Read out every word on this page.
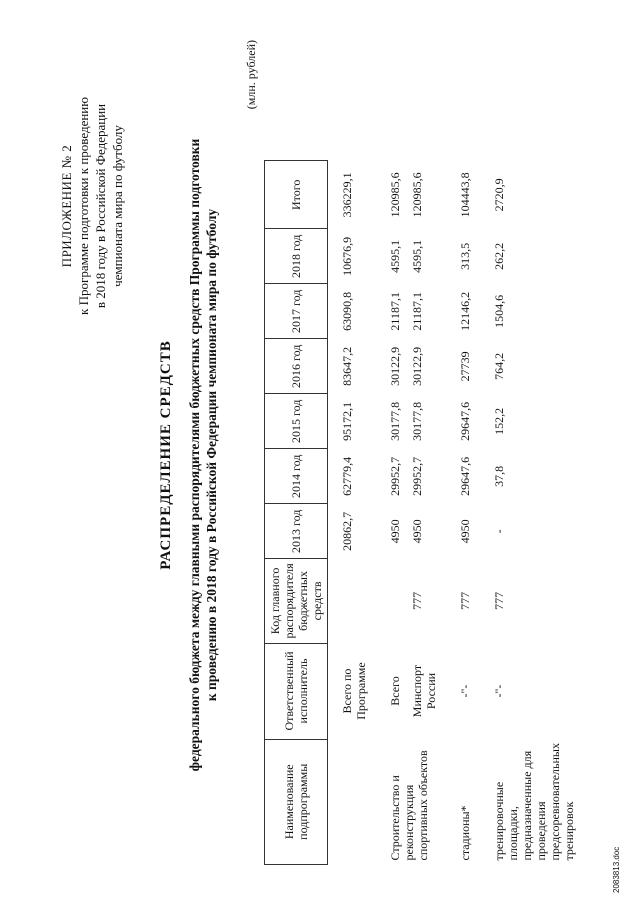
ПРИЛОЖЕНИЕ № 2 к Программе подготовки к проведению в 2018 году в Российской Федерации чемпионата мира по футболу
РАСПРЕДЕЛЕНИЕ СРЕДСТВ федерального бюджета между главными распорядителями бюджетных средств Программы подготовки к проведению в 2018 году в Российской Федерации чемпионата мира по футболу
(млн. рублей)
Наименование подпрограммы	Ответственный исполнитель	Код главного распорядителя бюджетных средств	2013 год	2014 год	2015 год	2016 год	2017 год	2018 год	Итого
	Всего по Программе		20862,7	62779,4	95172,1	83647,2	63090,8	10676,9	336229,1
Строительство и реконструкция спортивных объектов	Всего		4950	29952,7	30177,8	30122,9	21187,1	4595,1	120985,6
	Минспорт России	777	4950	29952,7	30177,8	30122,9	21187,1	4595,1	120985,6
стадионы*	-"-	777	4950	29647,6	29647,6	27739	12146,2	313,5	104443,8
тренировочные площадки, предназначенные для проведения предсоревновательных тренировок	-"-	777	-	37,8	152,2	764,2	1504,6	262,2	2720,9
2083813.doc
